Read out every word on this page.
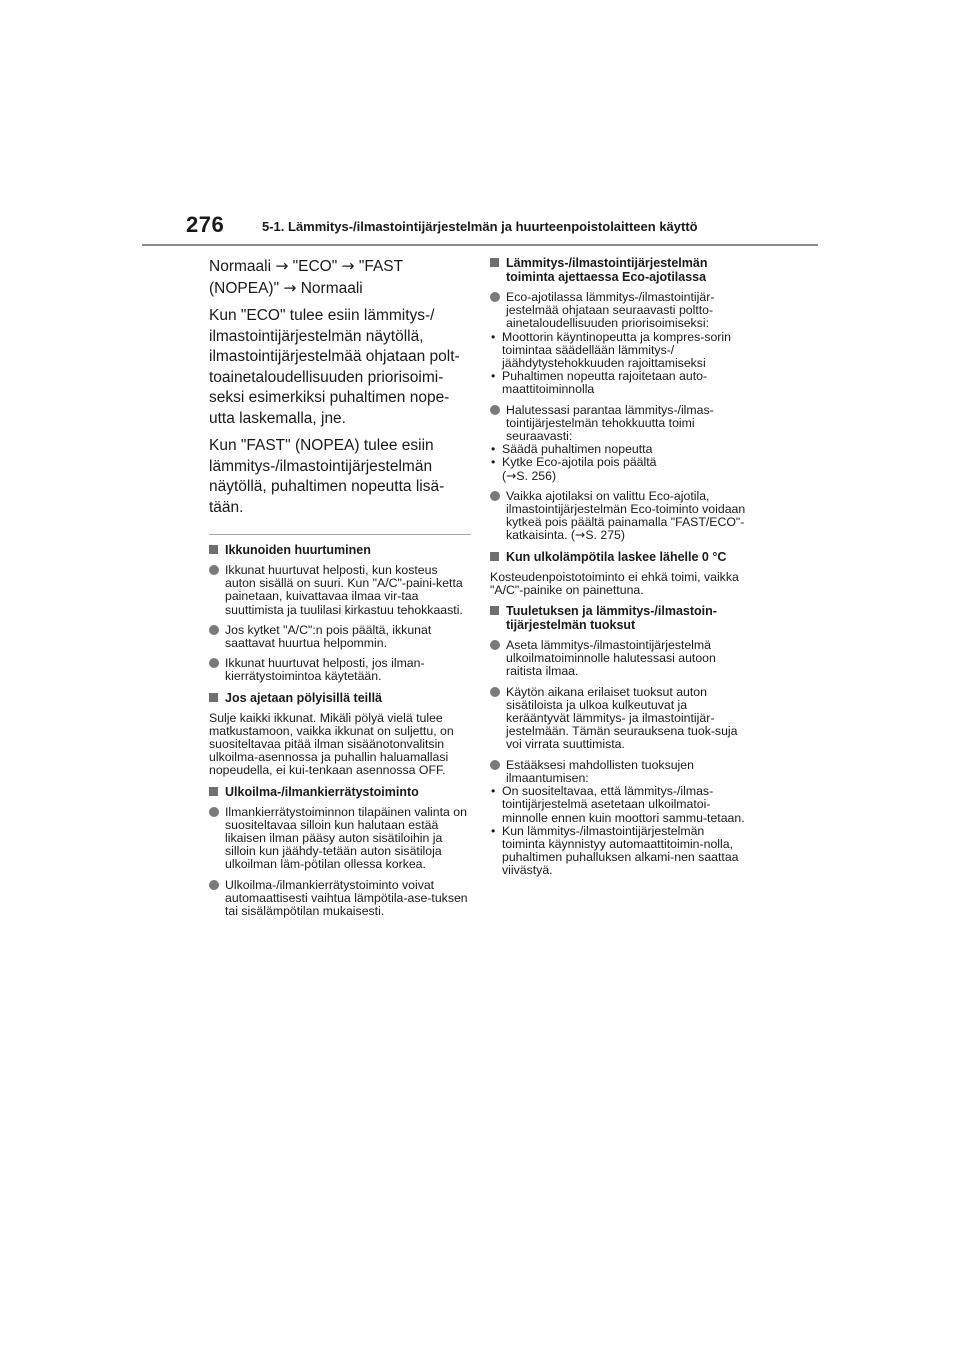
276	5-1. Lämmitys-/ilmastointijärjestelmän ja huurteenpoistolaitteen käyttö

Normaali → "ECO" → "FAST (NOPEA)" → Normaali

Kun "ECO" tulee esiin lämmitys-/ ilmastointijärjestelmän näytöllä, ilmastointijärjestelmää ohjataan polt-toainetaloudellisuuden priorisoimi-seksi esimerkiksi puhaltimen nope-utta laskemalla, jne.

Kun "FAST" (NOPEA) tulee esiin lämmitys-/ilmastointijärjestelmän näytöllä, puhaltimen nopeutta lisä-tään.

Ikkunoiden huurtuminen
Ikkunat huurtuvat helposti, kun kosteus auton sisällä on suuri. Kun "A/C"-paini-ketta painetaan, kuivattavaa ilmaa vir-taa suuttimista ja tuulilasi kirkastuu tehokkaasti.
Jos kytket "A/C":n pois päältä, ikkunat saattavat huurtua helpommin.
Ikkunat huurtuvat helposti, jos ilman-kierrätystoimintoa käytetään.
Jos ajetaan pölyisillä teillä
Sulje kaikki ikkunat. Mikäli pölyä vielä tulee matkustamoon, vaikka ikkunat on suljettu, on suositeltavaa pitää ilman sisäänotonvalitsin ulkoilma-asennossa ja puhallin haluamallasi nopeudella, ei kui-tenkaan asennossa OFF.
Ulkoilma-/ilmankierrätystoiminto
Ilmankierrätystoiminnon tilapäinen valinta on suositeltavaa silloin kun halutaan estää likaisen ilman pääsy auton sisätiloihin ja silloin kun jäähdy-tetään auton sisätiloja ulkoilman läm-pötilan ollessa korkea.
Ulkoilma-/ilmankierrätystoiminto voivat automaattisesti vaihtua lämpötila-ase-tuksen tai sisälämpötilan mukaisesti.
Lämmitys-/ilmastointijärjestelmän toiminta ajettaessa Eco-ajotilassa
Eco-ajotilassa lämmitys-/ilmastointijär-jestelmää ohjataan seuraavasti poltto-ainetaloudellisuuden priorisoimiseksi:
• Moottorin käyntinopeutta ja kompres-sorin toimintaa säädellään lämmitys-/ jäähdytystehokkuuden rajoittamiseksi
• Puhaltimen nopeutta rajoitetaan auto-maattitoiminnolla
Halutessasi parantaa lämmitys-/ilmas-tointijärjestelmän tehokkuutta toimi seuraavasti:
• Säädä puhaltimen nopeutta
• Kytke Eco-ajotila pois päältä
(→S. 256)
Vaikka ajotilaksi on valittu Eco-ajotila, ilmastointijärjestelmän Eco-toiminto voidaan kytkeä pois päältä painamalla "FAST/ECO"-katkaisinta. (→S. 275)
Kun ulkolämpötila laskee lähelle 0 °C
Kosteudenpoistotoiminto ei ehkä toimi, vaikka "A/C"-painike on painettuna.
Tuuletuksen ja lämmitys-/ilmastoin-tijärjestelmän tuoksut
Aseta lämmitys-/ilmastointijärjestelmä ulkoilmatoiminnolle halutessasi autoon raitista ilmaa.
Käytön aikana erilaiset tuoksut auton sisätiloista ja ulkoa kulkeutuvat ja kerääntyvät lämmitys- ja ilmastointijär-jestelmään. Tämän seurauksena tuok-suja voi virrata suuttimista.
Estääksesi mahdollisten tuoksujen ilmaantumisen:
• On suositeltavaa, että lämmitys-/ilmas-tointijärjestelmä asetetaan ulkoilmatoi-minnolle ennen kuin moottori sammu-tetaan.
• Kun lämmitys-/ilmastointijärjestelmän toiminta käynnistyy automaattitoimin-nolla, puhaltimen puhalluksen alkami-nen saattaa viivästyä.
